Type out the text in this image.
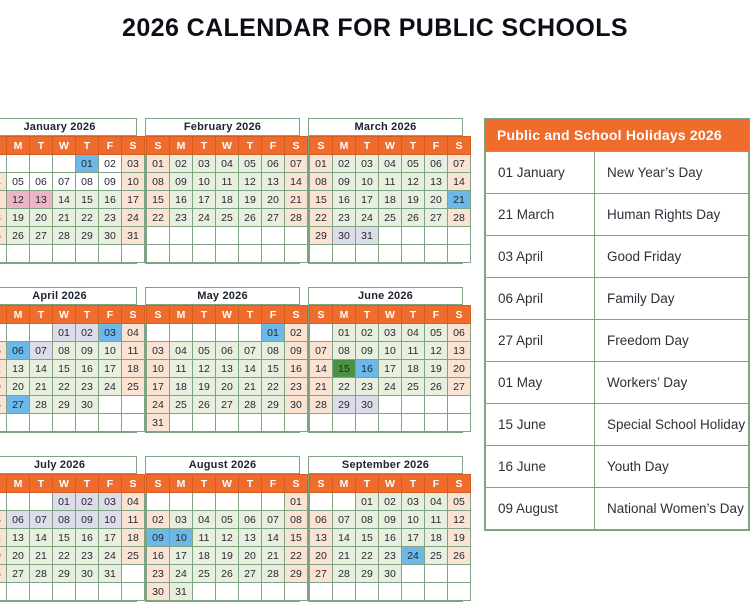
2026 CALENDAR FOR PUBLIC SCHOOLS
January 2026
	M	T	W	T	F	S
				01	02	03
	05	06	07	08	09	10
	12	13	14	15	16	17
	19	20	21	22	23	24
	26	27	28	29	30	31

February 2026
S	M	T	W	T	F	S
01	02	03	04	05	06	07
08	09	10	11	12	13	14
15	16	17	18	19	20	21
22	23	24	25	26	27	28

March 2026
S	M	T	W	T	F	S
01	02	03	04	05	06	07
08	09	10	11	12	13	14
15	16	17	18	19	20	21
22	23	24	25	26	27	28
29	30	31				

April 2026
	M	T	W	T	F	S
			01	02	03	04
	06	07	08	09	10	11
	13	14	15	16	17	18
	20	21	22	23	24	25
	27	28	29	30		

May 2026
S	M	T	W	T	F	S
					01	02
03	04	05	06	07	08	09
10	11	12	13	14	15	16
17	18	19	20	21	22	23
24	25	26	27	28	29	30
31						
June 2026
S	M	T	W	T	F	S
	01	02	03	04	05	06
07	08	09	10	11	12	13
14	15	16	17	18	19	20
21	22	23	24	25	26	27
28	29	30				

July 2026
	M	T	W	T	F	S
			01	02	03	04
	06	07	08	09	10	11
	13	14	15	16	17	18
	20	21	22	23	24	25
	27	28	29	30	31	

August 2026
S	M	T	W	T	F	S
						01
02	03	04	05	06	07	08
09	10	11	12	13	14	15
16	17	18	19	20	21	22
23	24	25	26	27	28	29
30	31					
September 2026
S	M	T	W	T	F	S
		01	02	03	04	05
06	07	08	09	10	11	12
13	14	15	16	17	18	19
20	21	22	23	24	25	26
27	28	29	30			

Public and School Holidays 2026
01 January	New Year’s Day
21 March	Human Rights Day
03 April	Good Friday
06 April	Family Day
27 April	Freedom Day
01 May	Workers’ Day
15 June	Special School Holiday
16 June	Youth Day
09 August	National Women’s Day
